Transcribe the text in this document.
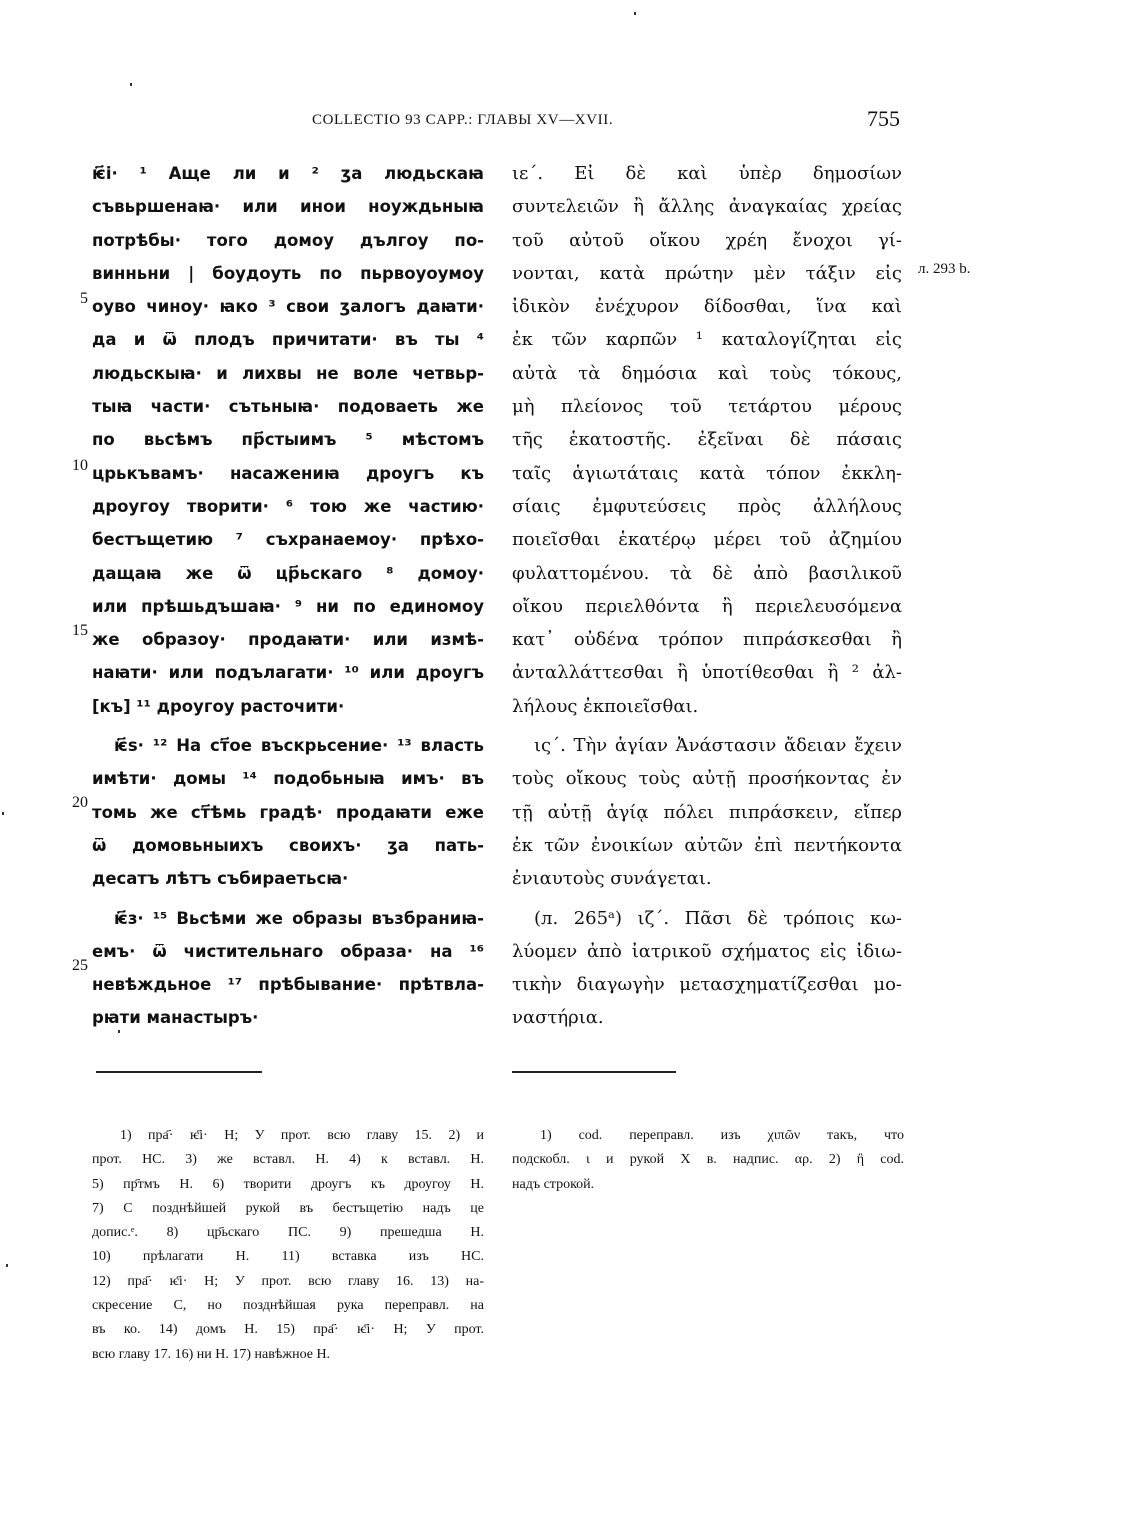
COLLECTIO 93 CAPP.: ГЛАВЫ XV—XVII.	755
5
10
15
20
25
л. 293 b.
ѥ҃і· ¹ Аще ли и ² ӡа людьскаꙗ
съвьршенаꙗ· или инои ноуждьныꙗ
потрѣбы· того домоу дългоу по-
винньни | боудоуть по пьрвоуоумоу
оуво чиноу· ꙗко ³ свои ӡалогъ даꙗти·
да и ѿ плодъ причитати· въ ты ⁴
людьскыꙗ· и лихвы не воле четвьр-
тыꙗ части· сътьныꙗ· подоваеть же
по вьсѣмъ пр҃стыимъ ⁵ мѣстомъ
црькъвамъ· насажениꙗ дроугъ къ
дроугоу творити· ⁶ тою же частию·
бестъщетию ⁷ съхранаемоу· прѣхо-
дащаꙗ же ѿ цр҃ьскаго ⁸ домоу·
или прѣшьдъшаꙗ· ⁹ ни по единомоу
же образоу· продаꙗти· или измѣ-
наꙗти· или подълагати· ¹⁰ или дроугъ
[къ] ¹¹ дроугоу расточити·
ѥ҃ѕ· ¹² На ст҃ое въскрьсение· ¹³ власть
имѣти· домы ¹⁴ подобьныꙗ имъ· въ
томь же ст҃ѣмь градѣ· продаꙗти еже
ѿ домовьныихъ своихъ· ӡа пать-
десатъ лѣтъ събираетьсꙗ·
ѥ҃з· ¹⁵ Вьсѣми же образы възбраниꙗ-
емъ· ѿ чистительнаго образа· на ¹⁶
невѣждьное ¹⁷ прѣбывание· прѣтвла-
рꙗти манастыръ·
ιε΄. Εἰ δὲ καὶ ὑπὲρ δημοσίων
συντελειῶν ἢ ἄλλης ἀναγκαίας χρείας
τοῦ αὐτοῦ οἴκου χρέη ἔνοχοι γί-
νονται, κατὰ πρώτην μὲν τάξιν εἰς
ἰδικὸν ἐνέχυρον δίδοσθαι, ἵνα καὶ
ἐκ τῶν καρπῶν ¹ καταλογίζηται εἰς
αὐτὰ τὰ δημόσια καὶ τοὺς τόκους,
μὴ πλείονος τοῦ τετάρτου μέρους
τῆς ἑκατοστῆς. ἐξεῖναι δὲ πάσαις
ταῖς ἁγιωτάταις κατὰ τόπον ἐκκλη-
σίαις ἐμφυτεύσεις πρὸς ἀλλήλους
ποιεῖσθαι ἑκατέρῳ μέρει τοῦ ἀζημίου
φυλαττομένου. τὰ δὲ ἀπὸ βασιλικοῦ
οἴκου περιελθόντα ἢ περιελευσόμενα
κατ᾽ οὐδένα τρόπον πιπράσκεσθαι ἢ
ἀνταλλάττεσθαι ἢ ὑποτίθεσθαι ἢ ² ἀλ-
λήλους ἐκποιεῖσθαι.
ις΄. Τὴν ἁγίαν Ἀνάστασιν ἄδειαν ἔχειν
τοὺς οἴκους τοὺς αὐτῇ προσήκοντας ἐν
τῇ αὐτῇ ἁγίᾳ πόλει πιπράσκειν, εἴπερ
ἐκ τῶν ἐνοικίων αὐτῶν ἐπὶ πεντήκοντα
ἐνιαυτοὺς συνάγεται.
(л. 265ᵃ) ιζ΄. Πᾶσι δὲ τρόποις κω-
λύομεν ἀπὸ ἰατρικοῦ σχήματος εἰς ἰδιω-
τικὴν διαγωγὴν μετασχηματίζεσθαι μο-
ναστήρια.
1) пра҃· ѥ҃і· H; У прот. всю главу 15. 2) и
прот. HC. 3) же вставл. H. 4) к вставл. H.
5) пр҃тмъ H. 6) творити дроугъ къ дроугоу H.
7) С позднѣйшей рукой въ бестъщетію надъ це
допис.ᵉ. 8) цр҃ьскаго ПС. 9) прешедша H.
10) прѣлагати H. 11) вставка изъ HC.
12) пра҃· ѥ҃і· H; У прот. всю главу 16. 13) на-
скресение С, но позднѣйшая рука переправл. на
въ ко. 14) домъ H. 15) пра҃· ѥ҃і· H; У прот.
всю главу 17. 16) ни H. 17) навѣжное H.
1) cod. переправл. изъ χιπῶν такъ, что
подскобл. ι и рукой X в. надпис. αρ. 2) ἢ cod.
надъ строкой.
